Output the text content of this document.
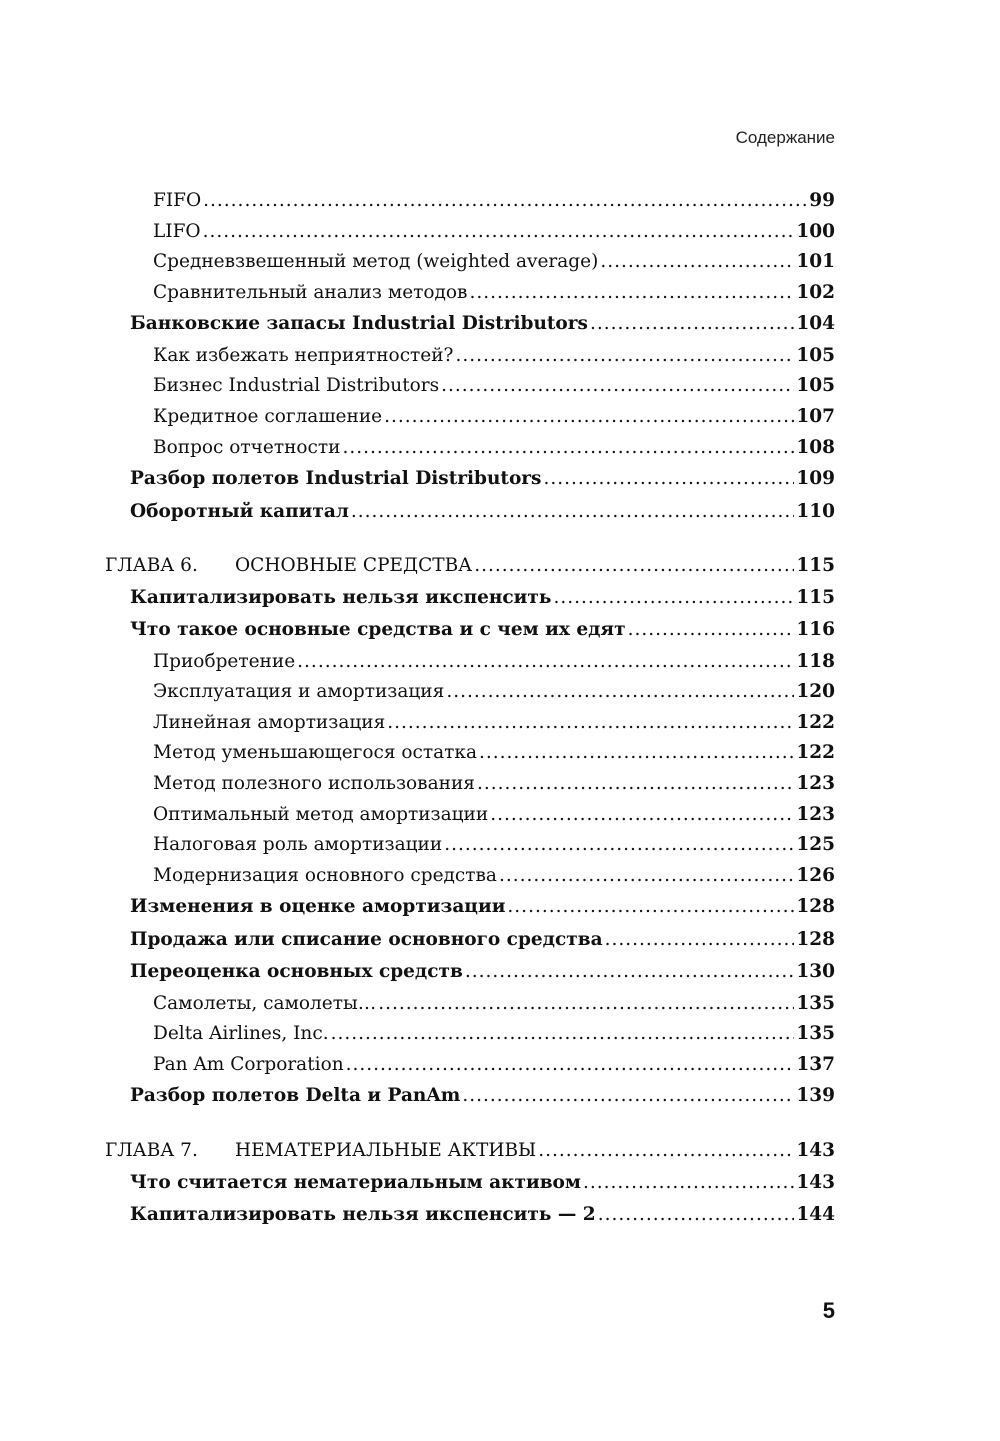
Содержание
FIFO .....	99
LIFO .....	100
Средневзвешенный метод (weighted average) .....	101
Сравнительный анализ методов .....	102
Банковские запасы Industrial Distributors .....	104
Как избежать неприятностей? .....	105
Бизнес Industrial Distributors .....	105
Кредитное соглашение .....	107
Вопрос отчетности .....	108
Разбор полетов Industrial Distributors .....	109
Оборотный капитал .....	110
ГЛАВА 6. ОСНОВНЫЕ СРЕДСТВА .....	115
Капитализировать нельзя икспенсить .....	115
Что такое основные средства и с чем их едят .....	116
Приобретение .....	118
Эксплуатация и амортизация .....	120
Линейная амортизация .....	122
Метод уменьшающегося остатка .....	122
Метод полезного использования .....	123
Оптимальный метод амортизации .....	123
Налоговая роль амортизации .....	125
Модернизация основного средства .....	126
Изменения в оценке амортизации .....	128
Продажа или списание основного средства .....	128
Переоценка основных средств .....	130
Самолеты, самолеты… .....	135
Delta Airlines, Inc. .....	135
Pan Am Corporation .....	137
Разбор полетов Delta и PanAm .....	139
ГЛАВА 7. НЕМАТЕРИАЛЬНЫЕ АКТИВЫ .....	143
Что считается нематериальным активом .....	143
Капитализировать нельзя икспенсить — 2 .....	144
5
